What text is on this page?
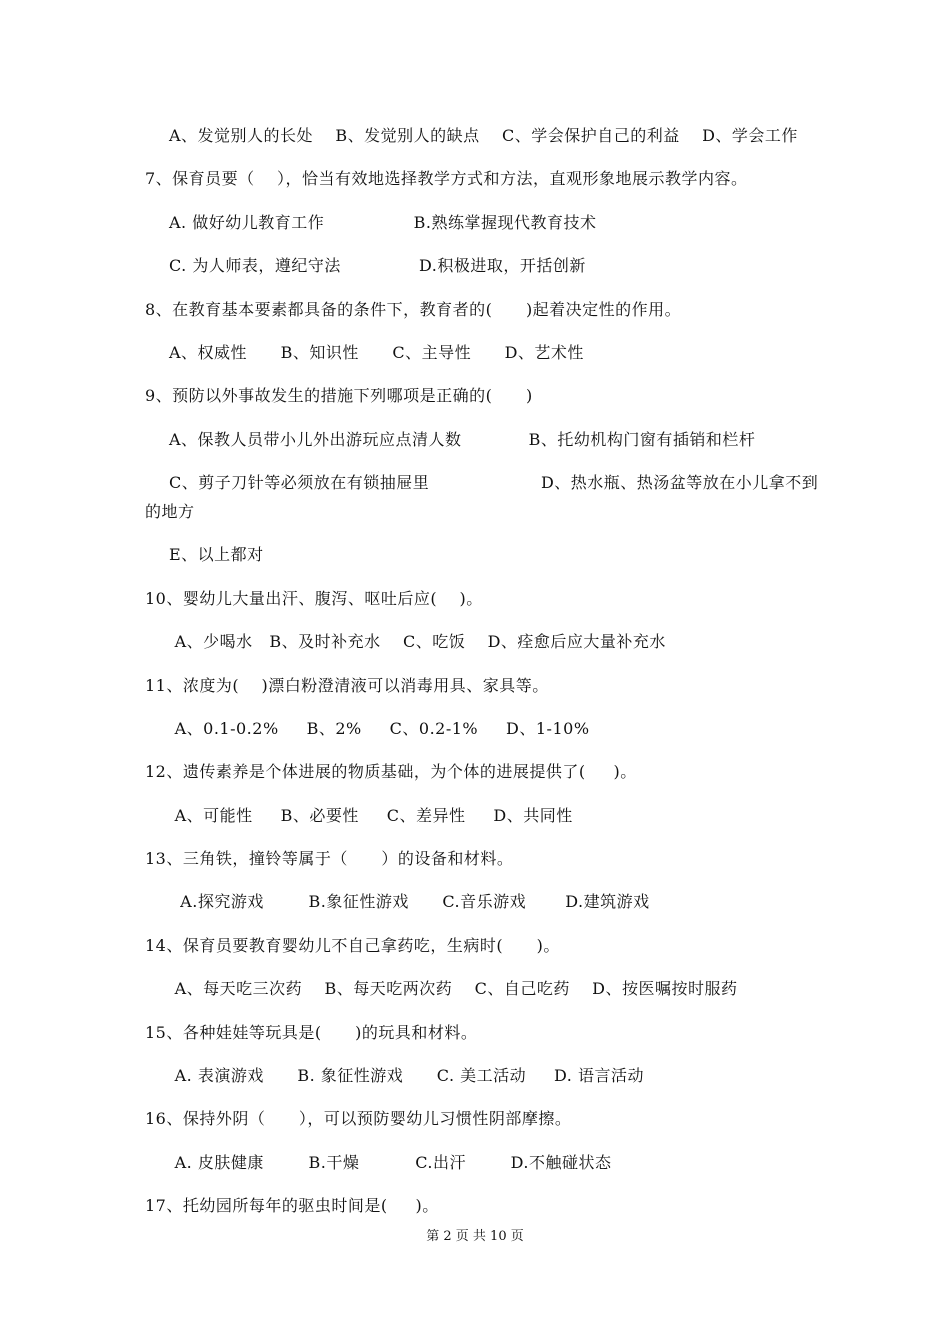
A、发觉别人的长处    B、发觉别人的缺点    C、学会保护自己的利益    D、学会工作
7、保育员要（    ），恰当有效地选择教学方式和方法，直观形象地展示教学内容。
A. 做好幼儿教育工作                B.熟练掌握现代教育技术
C. 为人师表，遵纪守法              D.积极进取，开括创新
8、在教育基本要素都具备的条件下，教育者的(      )起着决定性的作用。
A、权威性      B、知识性      C、主导性      D、艺术性
9、预防以外事故发生的措施下列哪项是正确的(      )
A、保教人员带小儿外出游玩应点清人数            B、托幼机构门窗有插销和栏杆
C、剪子刀针等必须放在有锁抽屉里                    D、热水瓶、热汤盆等放在小儿拿不到
的地方
E、以上都对
10、婴幼儿大量出汗、腹泻、呕吐后应(    )。
A、少喝水   B、及时补充水    C、吃饭    D、痊愈后应大量补充水
11、浓度为(    )漂白粉澄清液可以消毒用具、家具等。
A、0.1-0.2%     B、2%     C、0.2-1%     D、1-10%
12、遗传素养是个体进展的物质基础，为个体的进展提供了(     )。
A、可能性     B、必要性     C、差异性     D、共同性
13、三角铁，撞铃等属于（      ）的设备和材料。
A.探究游戏        B.象征性游戏      C.音乐游戏       D.建筑游戏
14、保育员要教育婴幼儿不自己拿药吃，生病时(      )。
A、每天吃三次药    B、每天吃两次药    C、自己吃药    D、按医嘱按时服药
15、各种娃娃等玩具是(      )的玩具和材料。
A. 表演游戏      B. 象征性游戏      C. 美工活动     D. 语言活动
16、保持外阴（      ），可以预防婴幼儿习惯性阴部摩擦。
A. 皮肤健康        B.干燥          C.出汗        D.不触碰状态
17、托幼园所每年的驱虫时间是(     )。
第 2 页 共 10 页
